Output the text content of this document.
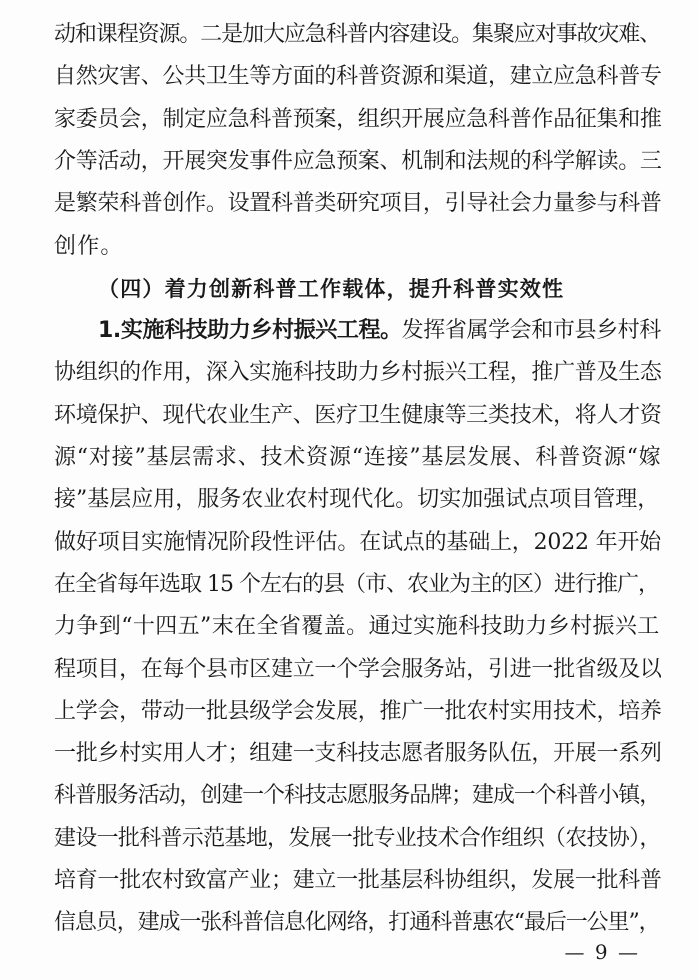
动和课程资源。二是加大应急科普内容建设。集聚应对事故灾难、
自然灾害、公共卫生等方面的科普资源和渠道，建立应急科普专
家委员会，制定应急科普预案，组织开展应急科普作品征集和推
介等活动，开展突发事件应急预案、机制和法规的科学解读。三
是繁荣科普创作。设置科普类研究项目，引导社会力量参与科普
创作。
（四）着力创新科普工作载体，提升科普实效性
1.实施科技助力乡村振兴工程。发挥省属学会和市县乡村科
协组织的作用，深入实施科技助力乡村振兴工程，推广普及生态
环境保护、现代农业生产、医疗卫生健康等三类技术，将人才资
源“对接”基层需求、技术资源“连接”基层发展、科普资源“嫁
接”基层应用，服务农业农村现代化。切实加强试点项目管理，
做好项目实施情况阶段性评估。在试点的基础上，2022 年开始
在全省每年选取 15 个左右的县（市、农业为主的区）进行推广，
力争到“十四五”末在全省覆盖。通过实施科技助力乡村振兴工
程项目，在每个县市区建立一个学会服务站，引进一批省级及以
上学会，带动一批县级学会发展，推广一批农村实用技术，培养
一批乡村实用人才；组建一支科技志愿者服务队伍，开展一系列
科普服务活动，创建一个科技志愿服务品牌；建成一个科普小镇，
建设一批科普示范基地，发展一批专业技术合作组织（农技协），
培育一批农村致富产业；建立一批基层科协组织，发展一批科普
信息员，建成一张科普信息化网络，打通科普惠农“最后一公里”，
— 9 —
